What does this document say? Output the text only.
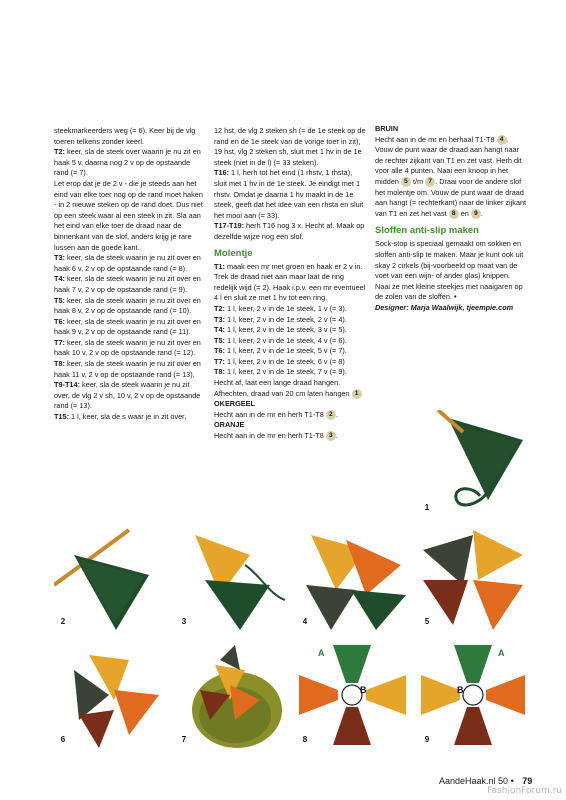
steekmarkeerders weg (= 6). Keer bij de vlg toeren telkens zonder keerl.

T2: keer, sla de steek over waarin je nu zit en haak 5 v, daarna nog 2 v op de opstaande rand (= 7).

Let erop dat je de 2 v - die je steeds aan het eind van elke toer nog op de rand moet haken - in 2 nieuwe steken op de rand doet. Dus niet op een steek waar al een steek in zit. Sla aan het eind van elke toer de draad naar de binnenkant van de slof, anders krijg je rare lussen aan de goede kant.

T3: keer, sla de steek waarin je nu zit over en haak 6 v, 2 v op de opstaande rand (= 8).

T4: keer, sla de steek waarin je nu zit over en haak 7 v, 2 v op de opstaande rand (= 9).

T5: keer, sla de steek waarin je nu zit over en haak 8 v, 2 v op de opstaande rand (= 10).

T6: keer, sla de steek waarin je nu zit over en haak 9 v, 2 v op de opstaande rand (= 11).

T7: keer, sla de steek waarin je nu zit over en haak 10 v, 2 v op de opstaande rand (= 12).

T8: keer, sla de steek waarin je nu zit over en haak 11 v, 2 v op de opstaande rand (= 13).

T9-T14: keer, sla de steek waarin je nu zit over, de vlg 2 v sh, 10 v, 2 v op de opstaande rand (= 13).

T15: 1 l, keer, sla de s waar je in zit over,

12 hst, de vlg 2 steken sh (= de 1e steek op de rand en de 1e steek van de vorige toer in zit), 19 hst, vlg 2 steken sh, sluit met 1 hv in de 1e steek (niet in de l) (= 33 steken).

T16: 1 l, herh tot het eind (1 rhstv, 1 rhsta), sluit met 1 hv in de 1e steek. Je eindigt met 1 rhstv. Omdat je daarna 1 hv maakt in de 1e steek, geeft dat het idee van een rhsta en sluit het mooi aan (= 33).

T17-T19: herh T16 nog 3 x. Hecht af. Maak op dezelfde wijze nog een slof.

Molentje

T1: maak een mr met groen en haak er 2 v in. Trek de draad niet aan maar laat de ring redelijk wijd (= 2). Haak i.p.v. een mr eventueel 4 l en sluit ze met 1 hv tot een ring.

T2: 1 l, keer, 2 v in de 1e steek, 1 v (= 3).

T3: 1 l, keer, 2 v in de 1e steek, 2 v (= 4).

T4: 1 l, keer, 2 v in de 1e steek, 3 v (= 5).

T5: 1 l, keer, 2 v in de 1e steek, 4 v (= 6).

T6: 1 l, keer, 2 v in de 1e steek, 5 v (= 7).

T7: 1 l, keer, 2 v in de 1e steek, 6 v (= 8)

T8: 1 l, keer, 2 v in de 1e steek, 7 v (= 9).

Hecht af, laat een lange draad hangen. Afhechten, draad van 20 cm laten hangen 1

OKERGEEL

Hecht aan in de mr en herh T1-T8 2 .

ORANJE

Hecht aan in de mr en herh T1-T8 3 .

BRUIN

Hecht aan in de mr en herhaal T1-T8 4 . Vouw de punt waar de draad aan hangt naar de rechter zijkant van T1 en zet vast. Herh dit voor alle 4 punten. Naai een knoop in het midden 5 t/m 7 . Draai voor de andere slof het molentje om. Vouw de punt waar de draad aan hangt (= rechterkant) naar de linker zijkant van T1 en zet het vast 8 en 9 .

Sloffen anti-slip maken

Sock-stop is speciaal gemaakt om sokken en sloffen anti-slip te maken. Maar je kunt ook uit skay 2 cirkels (bij-voorbeeld op maat van de voet van een wijn- of ander glas) knippen. Naai ze met kleine steekjes met naaigaren op de zolen van de sloffen. •

Designer: Marja Waalwijk, tjeempie.com

1
2	3	4	5
6	7
A
B
8
A
B
9
AandeHaak.nl 50 • 79
FashionForum.ru
